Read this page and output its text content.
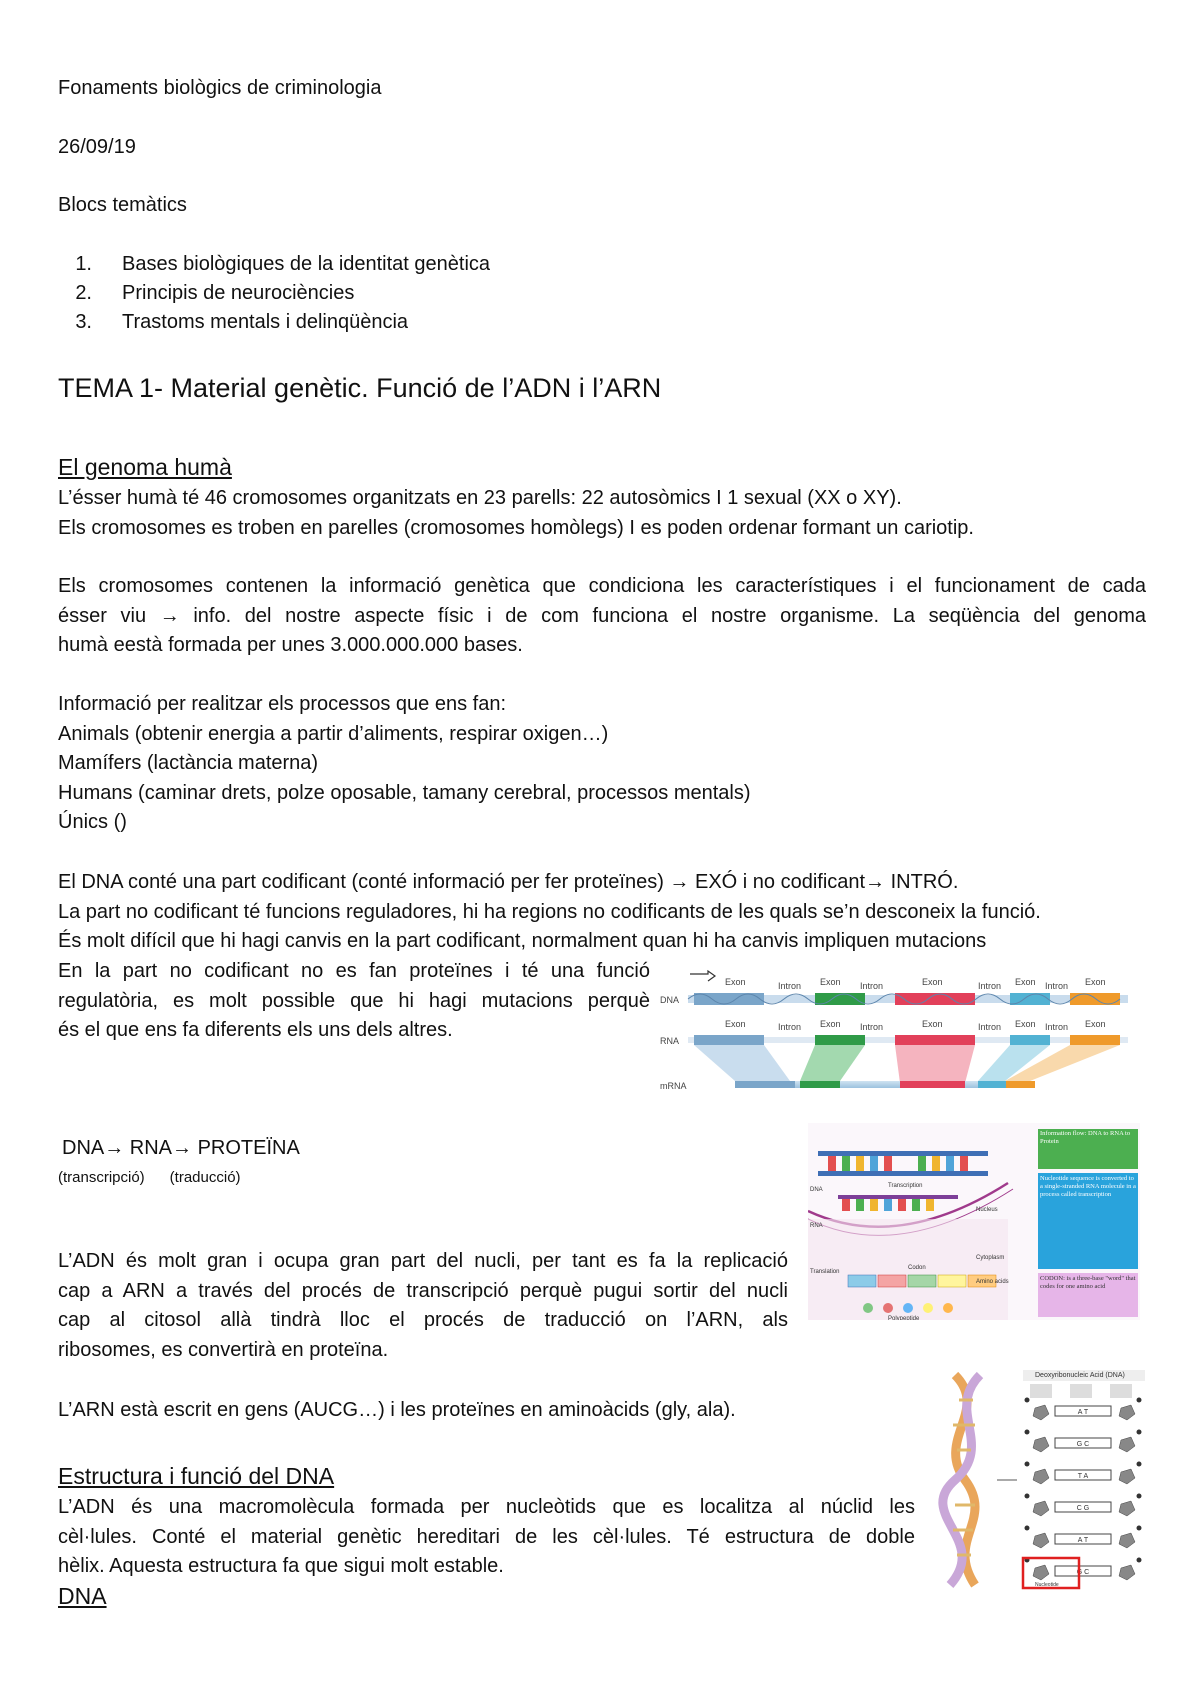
Fonaments biològics de criminologia
26/09/19
Blocs temàtics
1. Bases biològiques de la identitat genètica
2. Principis de neurociències
3. Trastoms mentals i delinqüència
TEMA 1- Material genètic. Funció de l’ADN i l’ARN
El genoma humà
L’ésser humà té 46 cromosomes organitzats en 23 parells: 22 autosòmics I 1 sexual (XX o XY).
Els cromosomes es troben en parelles (cromosomes homòlegs) I es poden ordenar formant un cariotip.
Els cromosomes contenen la informació genètica que condiciona les característiques i el funcionament de cada
ésser viu → info. del nostre aspecte físic i de com funciona el nostre organisme. La seqüència del genoma
humà eestà formada per unes 3.000.000.000 bases.
Informació per realitzar els processos que ens fan:
Animals (obtenir energia a partir d’aliments, respirar oxigen…)
Mamífers (lactància materna)
Humans (caminar drets, polze oposable, tamany cerebral, processos mentals)
Únics ()
El DNA conté una part codificant (conté informació per fer proteïnes) → EXÓ i no codificant→ INTRÓ.
La part no codificant té funcions reguladores, hi ha regions no codificants de les quals se’n desconeix la funció.
És molt difícil que hi hagi canvis en la part codificant, normalment quan hi ha canvis impliquen mutacions
En la part no codificant no es fan proteïnes i té una funció
regulatòria, es molt possible que hi hagi mutacions perquè
és el que ens fa diferents els uns dels altres.
DNA
RNA
mRNA
Exon	Intron Exon Intron	Exon	Intron Exon Intron Exon
Exon	Intron Exon Intron	Exon	Intron Exon Intron Exon
DNA→ RNA→ PROTEÏNA
(transcripció)      (traducció)
DNA
Transcription
RNA
Nucleus
Cytoplasm
Translation
Codon
Amino acids
Polypeptide
Information flow: DNA to RNA to Protein
Nucleotide sequence is converted to a single-stranded RNA molecule in a process called transcription
CODON: is a three-base "word" that codes for one amino acid
L’ADN és molt gran i ocupa gran part del nucli, per tant es fa la replicació
cap a ARN a través del procés de transcripció perquè pugui sortir del nucli
cap al citosol allà tindrà lloc el procés de traducció on l’ARN, als
ribosomes, es convertirà en proteïna.
L’ARN està escrit en gens (AUCG…) i les proteïnes en aminoàcids (gly, ala).
Estructura i funció del DNA
L’ADN és una macromolècula formada per nucleòtids que es localitza al núclid les
cèl·lules. Conté el material genètic hereditari de les cèl·lules. Té estructura de doble
hèlix. Aquesta estructura fa que sigui molt estable.
DNA
Deoxyribonucleic Acid (DNA)
A T
G C
T A
C G
A T
G C
Nucleotide
